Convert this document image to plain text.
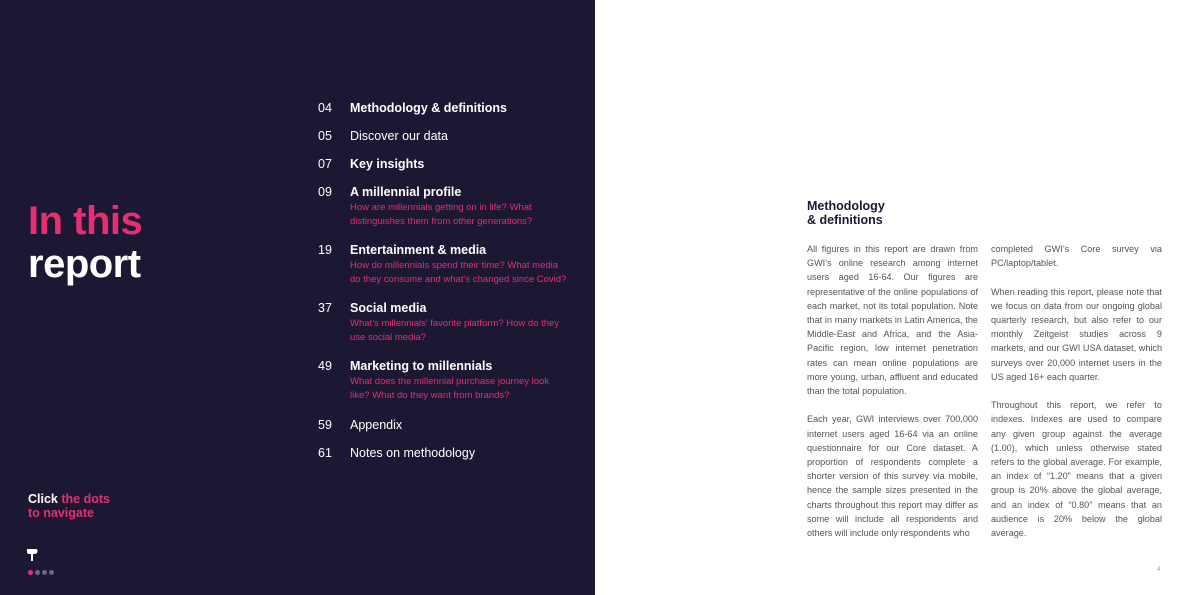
In this
report
04	Methodology & definitions
05	Discover our data
07	Key insights
09	A millennial profile
How are millennials getting on in life? What distinguishes them from other generations?
19	Entertainment & media
How do millennials spend their time? What media do they consume and what’s changed since Covid?
37	Social media
What’s millennials’ favorite platform? How do they use social media?
49	Marketing to millennials
What does the millennial purchase journey look like? What do they want from brands?
59	Appendix
61	Notes on methodology
Click the dots
to navigate
Methodology
& definitions

All figures in this report are drawn from GWI’s online research among internet users aged 16-64. Our figures are representative of the online populations of each market, not its total population. Note that in many markets in Latin America, the Middle-East and Africa, and the Asia-Pacific region, low internet penetration rates can mean online populations are more young, urban, affluent and educated than the total population.

Each year, GWI interviews over 700,000 internet users aged 16-64 via an online questionnaire for our Core dataset. A proportion of respondents complete a shorter version of this survey via mobile, hence the sample sizes presented in the charts throughout this report may differ as some will include all respondents and others will include only respondents who

completed GWI’s Core survey via PC/laptop/tablet.

When reading this report, please note that we focus on data from our ongoing global quarterly research, but also refer to our monthly Zeitgeist studies across 9 markets, and our GWI USA dataset, which surveys over 20,000 internet users in the US aged 16+ each quarter.

Throughout this report, we refer to indexes. Indexes are used to compare any given group against the average (1.00), which unless otherwise stated refers to the global average. For example, an index of “1.20” means that a given group is 20% above the global average, and an index of “0.80” means that an audience is 20% below the global average.

4
